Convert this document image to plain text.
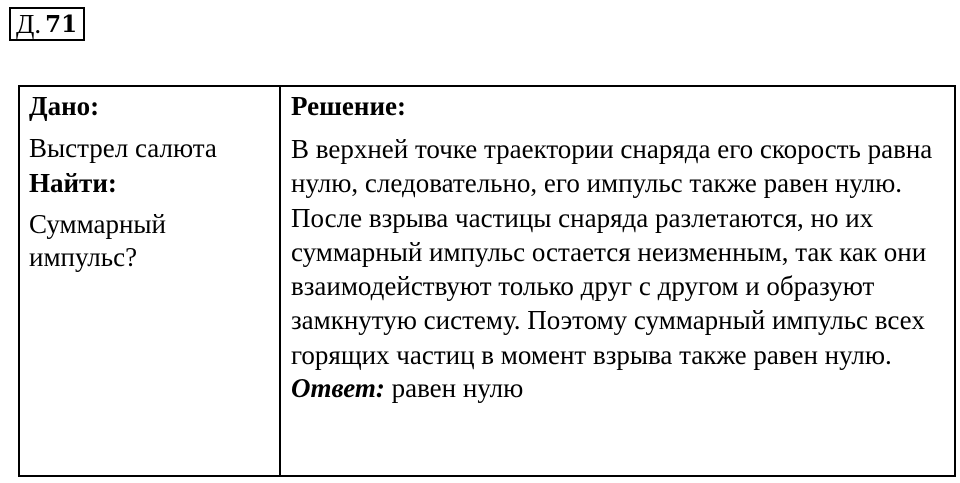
Д. 71

Дано:

Выстрел салюта

Найти:

Суммарный импульс?

Решение:

В верхней точке траектории снаряда его скорость равна нулю, следовательно, его импульс также равен нулю. После взрыва частицы снаряда разлетаются, но их суммарный импульс остается неизменным, так как они взаимодействуют только друг с другом и образуют замкнутую систему. Поэтому суммарный импульс всех горящих частиц в момент взрыва также равен нулю.

Ответ: равен нулю
